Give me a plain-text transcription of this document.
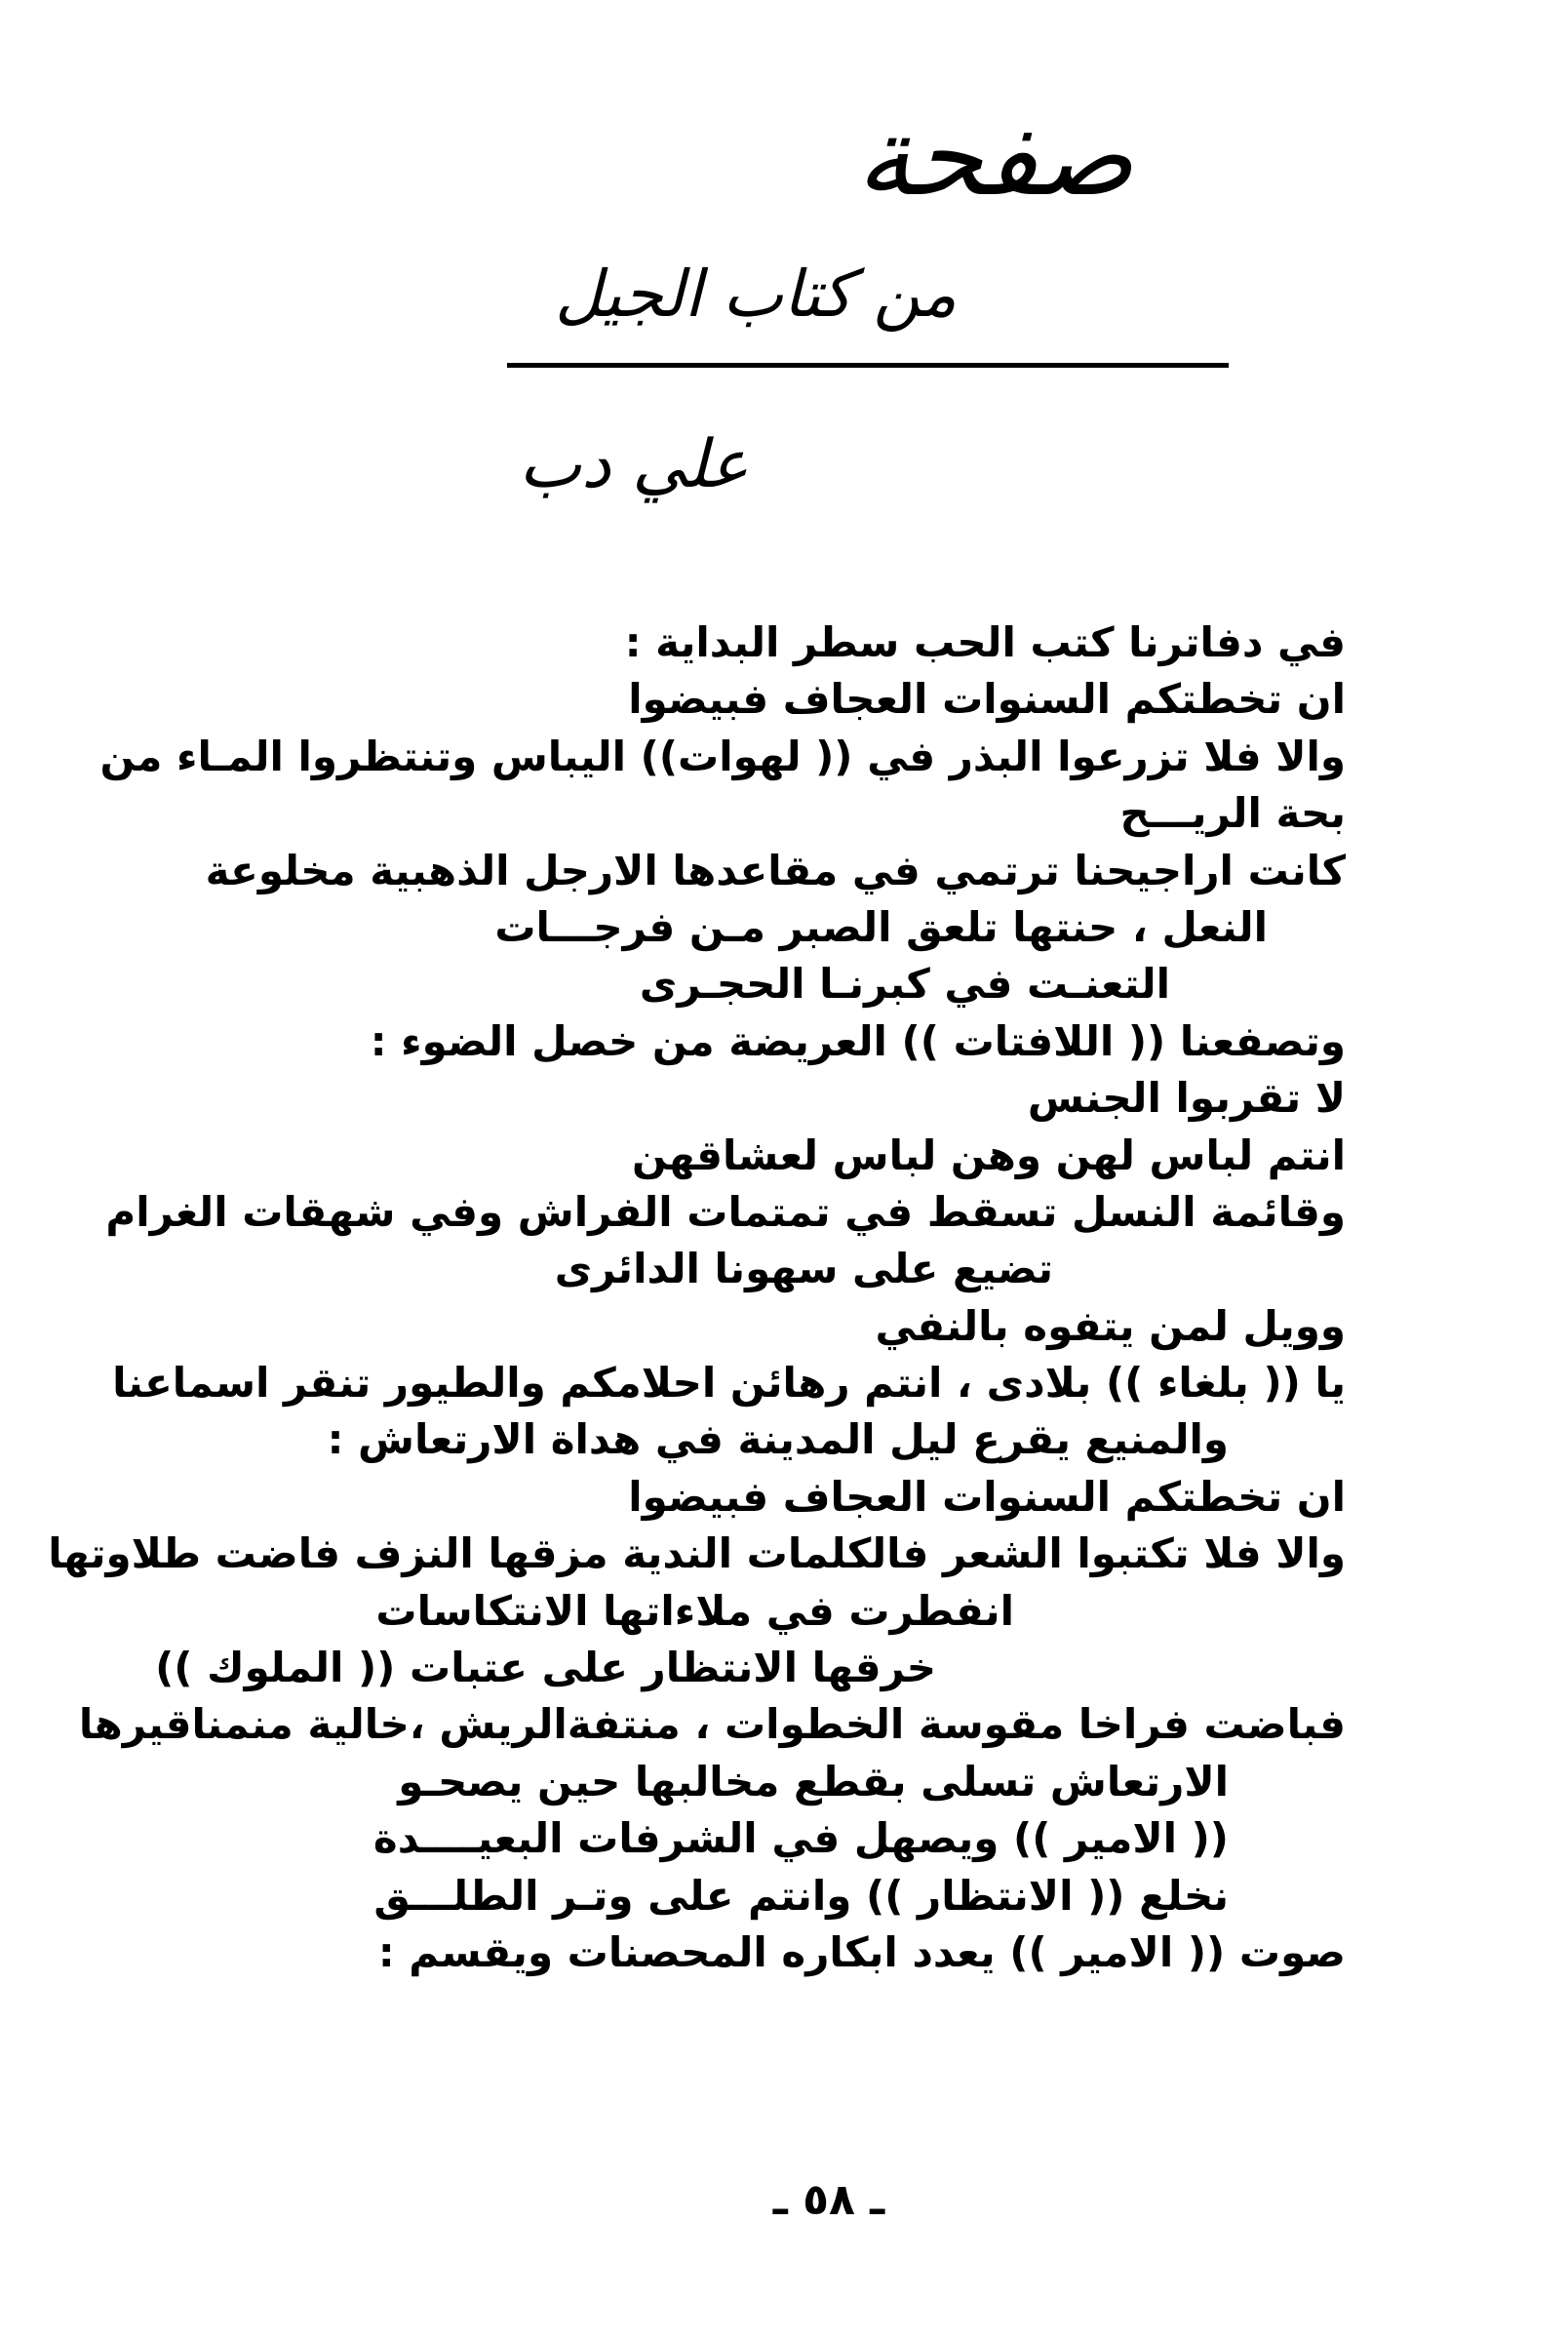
صفحة
من كتاب الجيل
علي دب
في دفاترنا كتب الحب سطر البداية :
ان تخطتكم السنوات العجاف فبيضوا
والا فلا تزرعوا البذر في (( لهوات)) اليباس وتنتظروا المـاء من
بحة الريـــح
كانت اراجيحنا ترتمي في مقاعدها الارجل الذهبية مخلوعة
النعل ، حنتها تلعق الصبر مـن فرجـــات
التعنـت في كبرنـا الحجـرى
وتصفعنا (( اللافتات )) العريضة من خصل الضوء :
لا تقربوا الجنس
انتم لباس لهن وهن لباس لعشاقهن
وقائمة النسل تسقط في تمتمات الفراش وفي شهقات الغرام
تضيع على سهونا الدائرى
وويل لمن يتفوه بالنفي
يا (( بلغاء )) بلادى ، انتم رهائن احلامكم والطيور تنقر اسماعنا
والمنيع يقرع ليل المدينة في هداة الارتعاش :
ان تخطتكم السنوات العجاف فبيضوا
والا فلا تكتبوا الشعر فالكلمات الندية مزقها النزف فاضت طلاوتها
انفطرت في ملاءاتها الانتكاسات
خرقها الانتظار على عتبات (( الملوك ))
فباضت فراخا مقوسة الخطوات ، منتفةالريش ،خالية منمناقيرها
الارتعاش تسلى بقطع مخالبها حين يصحـو
(( الامير )) ويصهل في الشرفات البعيــــدة
نخلع (( الانتظار )) وانتم على وتـر الطلـــق
صوت (( الامير )) يعدد ابكاره المحصنات ويقسم :
ـ ٥٨ ـ
